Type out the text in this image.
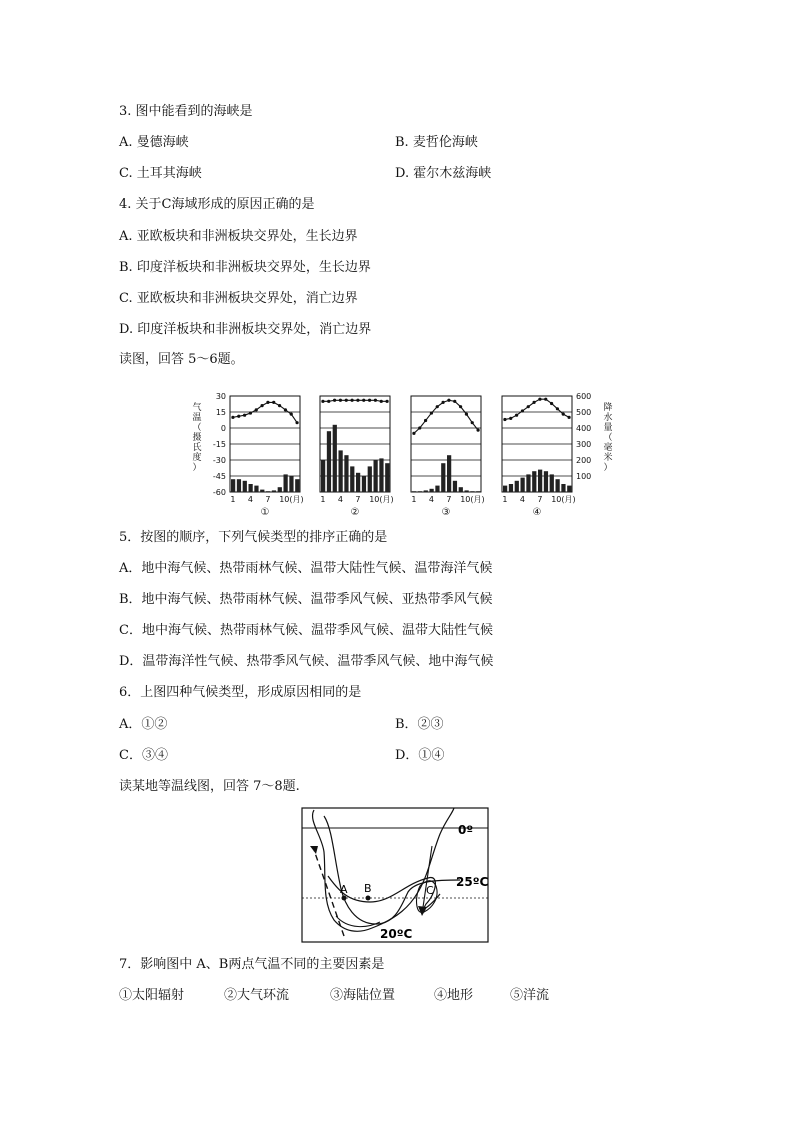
3. 图中能看到的海峡是
A. 曼德海峡	B. 麦哲伦海峡
C. 土耳其海峡	D. 霍尔木兹海峡
4. 关于C海域形成的原因正确的是
A. 亚欧板块和非洲板块交界处，生长边界
B. 印度洋板块和非洲板块交界处，生长边界
C. 亚欧板块和非洲板块交界处，消亡边界
D. 印度洋板块和非洲板块交界处，消亡边界
读图，回答 5～6题。
气
温
（
摄
氏
度
）
降
水
量
（
毫
米
）
30
15
0
-15
-30
-45
-60
600
500
400
300
200
100
1 4 7 10(月)
①
1 4 7 10(月)
②
1 4 7 10(月)
③
1 4 7 10(月)
④
5．按图的顺序，下列气候类型的排序正确的是
A．地中海气候、热带雨林气候、温带大陆性气候、温带海洋气候
B．地中海气候、热带雨林气候、温带季风气候、亚热带季风气候
C．地中海气候、热带雨林气候、温带季风气候、温带大陆性气候
D．温带海洋性气候、热带季风气候、温带季风气候、地中海气候
6．上图四种气候类型，形成原因相同的是
A．①②	B．②③
C．③④	D．①④
读某地等温线图，回答 7～8题.
A B	C
0º
25ºC
20ºC
7．影响图中 A、B两点气温不同的主要因素是
①太阳辐射	②大气环流	③海陆位置	④地形	⑤洋流
